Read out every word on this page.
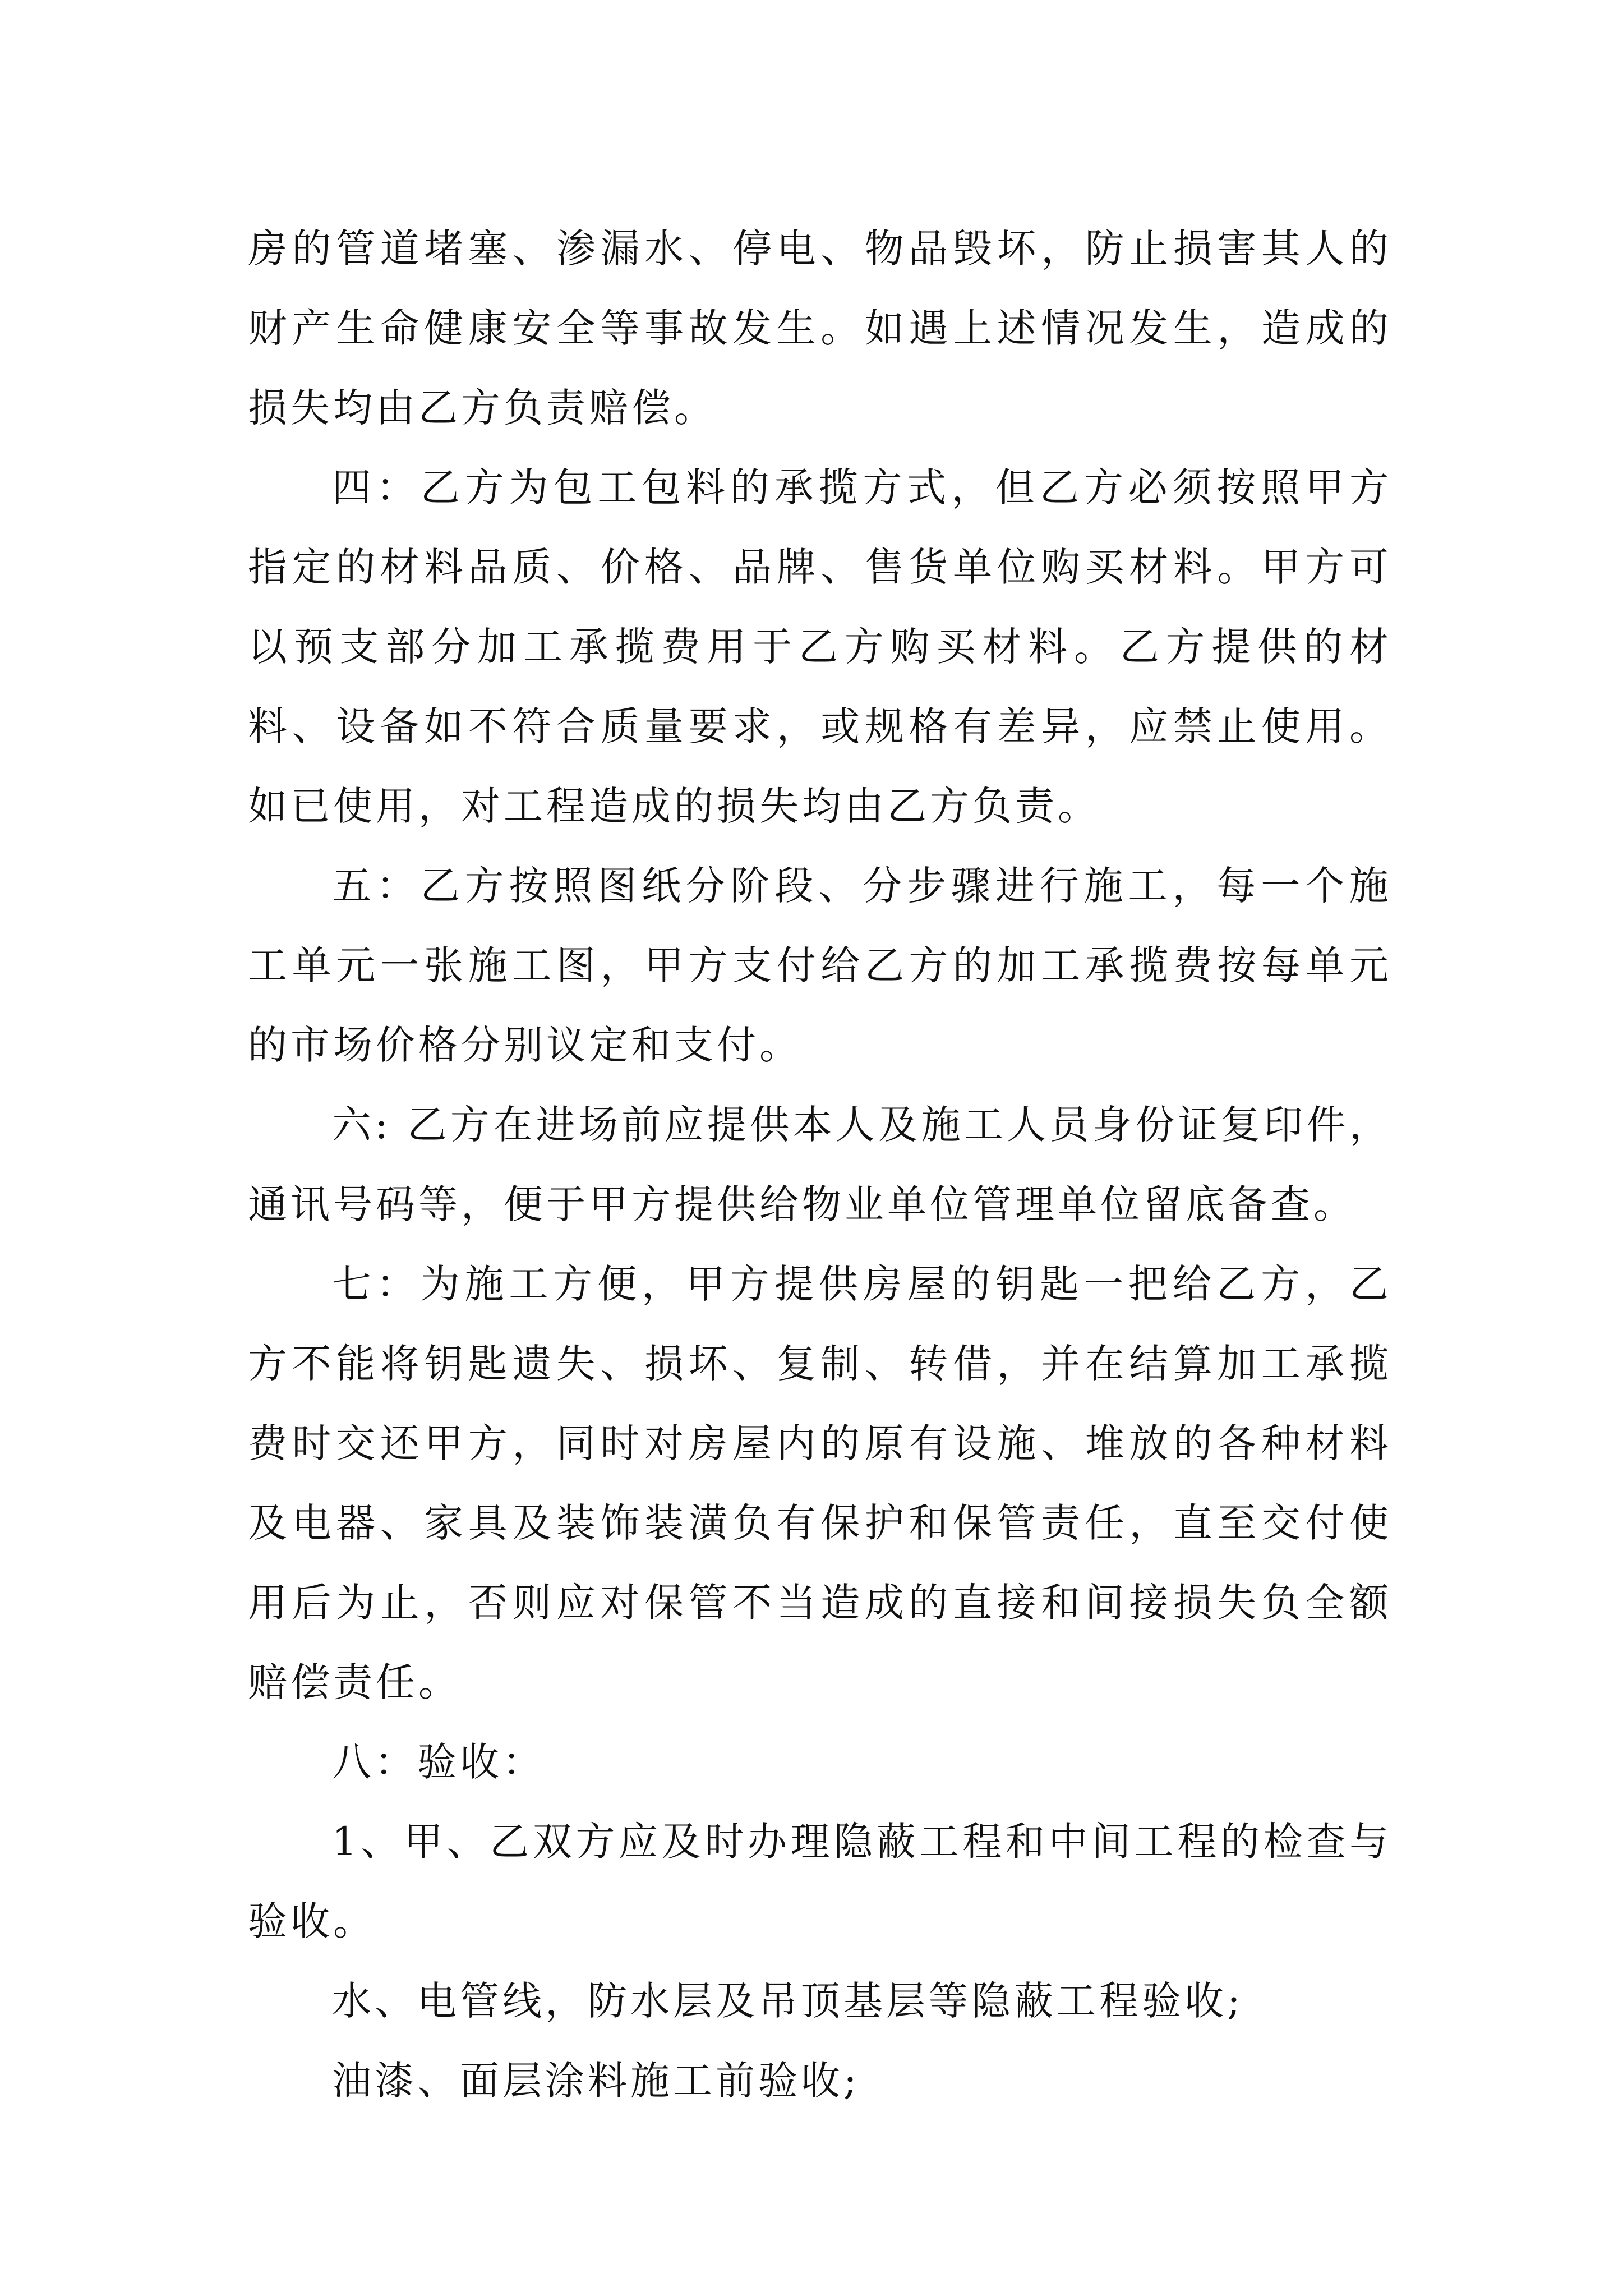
房的管道堵塞、渗漏水、停电、物品毁坏，防止损害其人的财产生命健康安全等事故发生。如遇上述情况发生，造成的损失均由乙方负责赔偿。

四：乙方为包工包料的承揽方式，但乙方必须按照甲方指定的材料品质、价格、品牌、售货单位购买材料。甲方可以预支部分加工承揽费用于乙方购买材料。乙方提供的材料、设备如不符合质量要求，或规格有差异，应禁止使用。如已使用，对工程造成的损失均由乙方负责。

五：乙方按照图纸分阶段、分步骤进行施工，每一个施工单元一张施工图，甲方支付给乙方的加工承揽费按每单元的市场价格分别议定和支付。

六: 乙方在进场前应提供本人及施工人员身份证复印件，通讯号码等，便于甲方提供给物业单位管理单位留底备查。

七：为施工方便，甲方提供房屋的钥匙一把给乙方，乙方不能将钥匙遗失、损坏、复制、转借，并在结算加工承揽费时交还甲方，同时对房屋内的原有设施、堆放的各种材料及电器、家具及装饰装潢负有保护和保管责任，直至交付使用后为止，否则应对保管不当造成的直接和间接损失负全额赔偿责任。

八：验收：

1、甲、乙双方应及时办理隐蔽工程和中间工程的检查与验收。

水、电管线，防水层及吊顶基层等隐蔽工程验收;

油漆、面层涂料施工前验收;
